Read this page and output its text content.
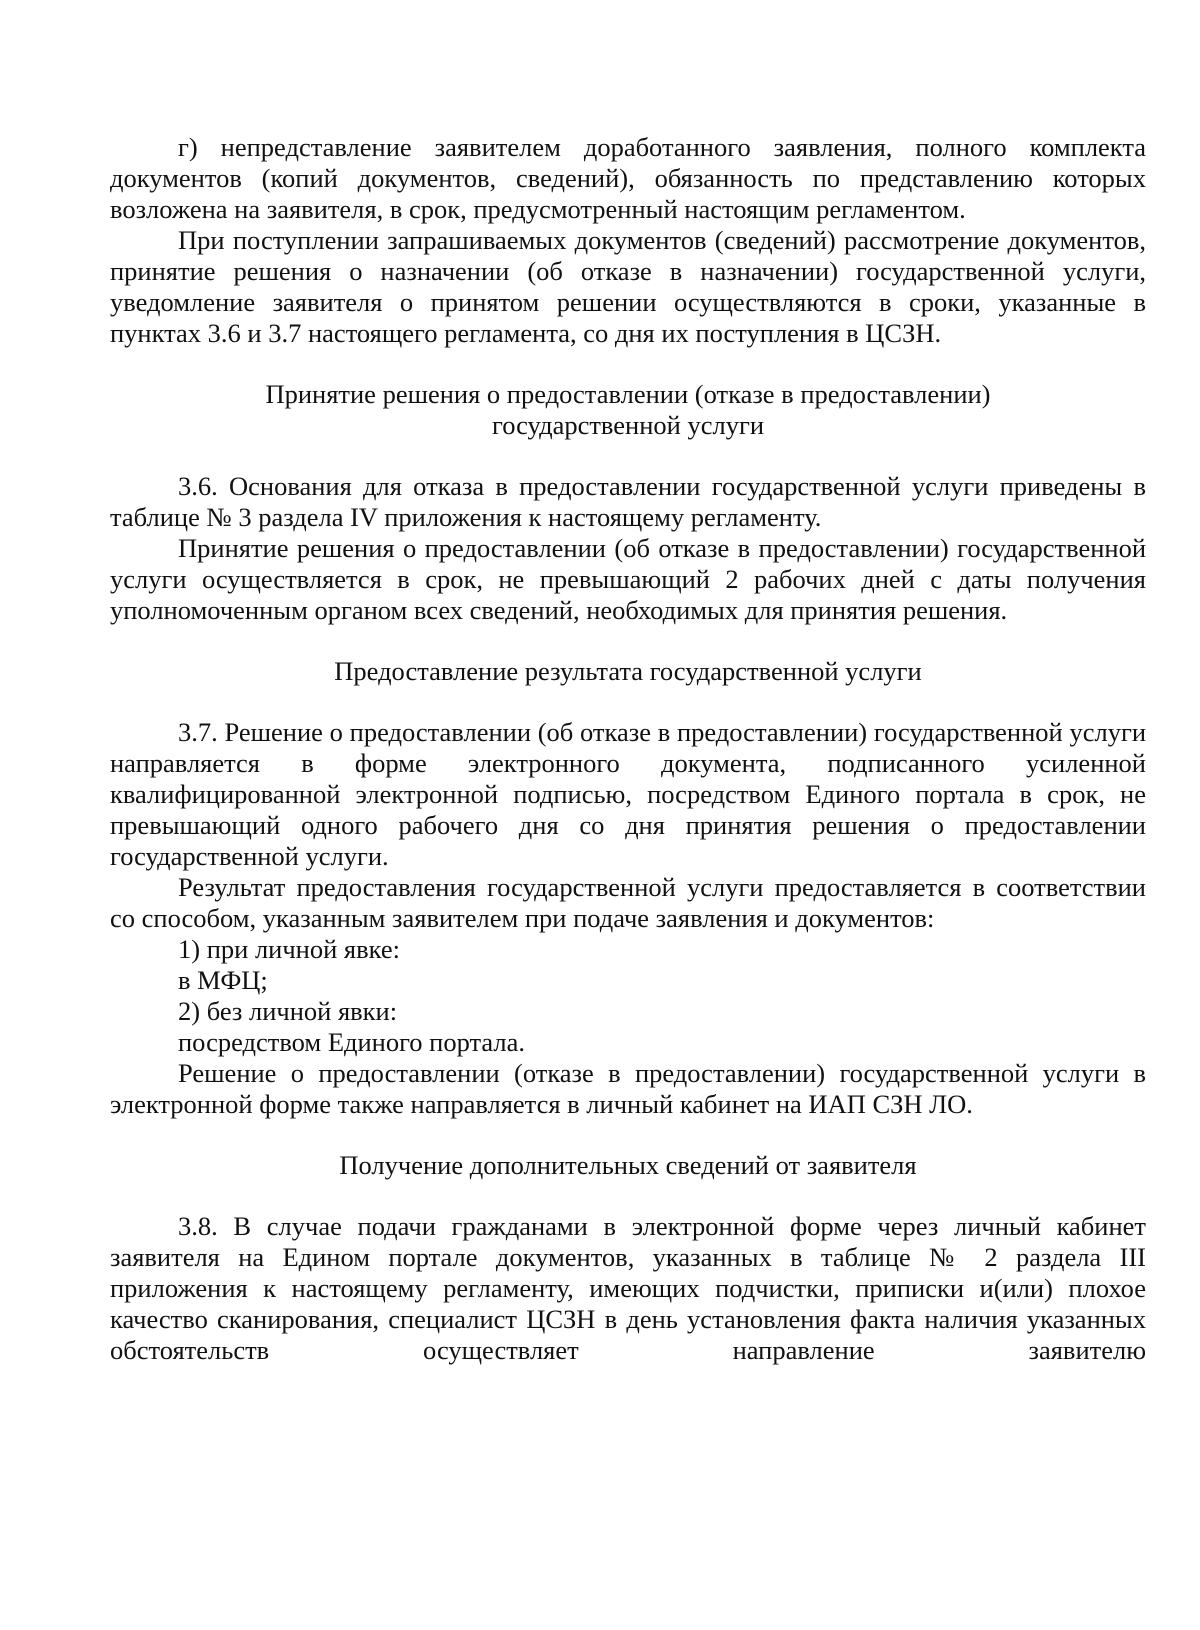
г) непредставление заявителем доработанного заявления, полного комплекта документов (копий документов, сведений), обязанность по представлению которых возложена на заявителя, в срок, предусмотренный настоящим регламентом.

При поступлении запрашиваемых документов (сведений) рассмотрение документов, принятие решения о назначении (об отказе в назначении) государственной услуги, уведомление заявителя о принятом решении осуществляются в сроки, указанные в пунктах 3.6 и 3.7 настоящего регламента, со дня их поступления в ЦСЗН.

Принятие решения о предоставлении (отказе в предоставлении)

государственной услуги

3.6. Основания для отказа в предоставлении государственной услуги приведены в таблице № 3 раздела IV приложения к настоящему регламенту.

Принятие решения о предоставлении (об отказе в предоставлении) государственной услуги осуществляется в срок, не превышающий 2 рабочих дней с даты получения уполномоченным органом всех сведений, необходимых для принятия решения.

Предоставление результата государственной услуги

3.7. Решение о предоставлении (об отказе в предоставлении) государственной услуги направляется в форме электронного документа, подписанного усиленной квалифицированной электронной подписью, посредством Единого портала в срок, не превышающий одного рабочего дня со дня принятия решения о предоставлении государственной услуги.

Результат предоставления государственной услуги предоставляется в соответствии со способом, указанным заявителем при подаче заявления и документов:

1) при личной явке:

в МФЦ;

2) без личной явки:

посредством Единого портала.

Решение о предоставлении (отказе в предоставлении) государственной услуги в электронной форме также направляется в личный кабинет на ИАП СЗН ЛО.

Получение дополнительных сведений от заявителя

3.8. В случае подачи гражданами в электронной форме через личный кабинет заявителя на Едином портале документов, указанных в таблице № 2 раздела III приложения к настоящему регламенту, имеющих подчистки, приписки и(или) плохое качество сканирования, специалист ЦСЗН в день установления факта наличия указанных обстоятельств осуществляет направление заявителю
